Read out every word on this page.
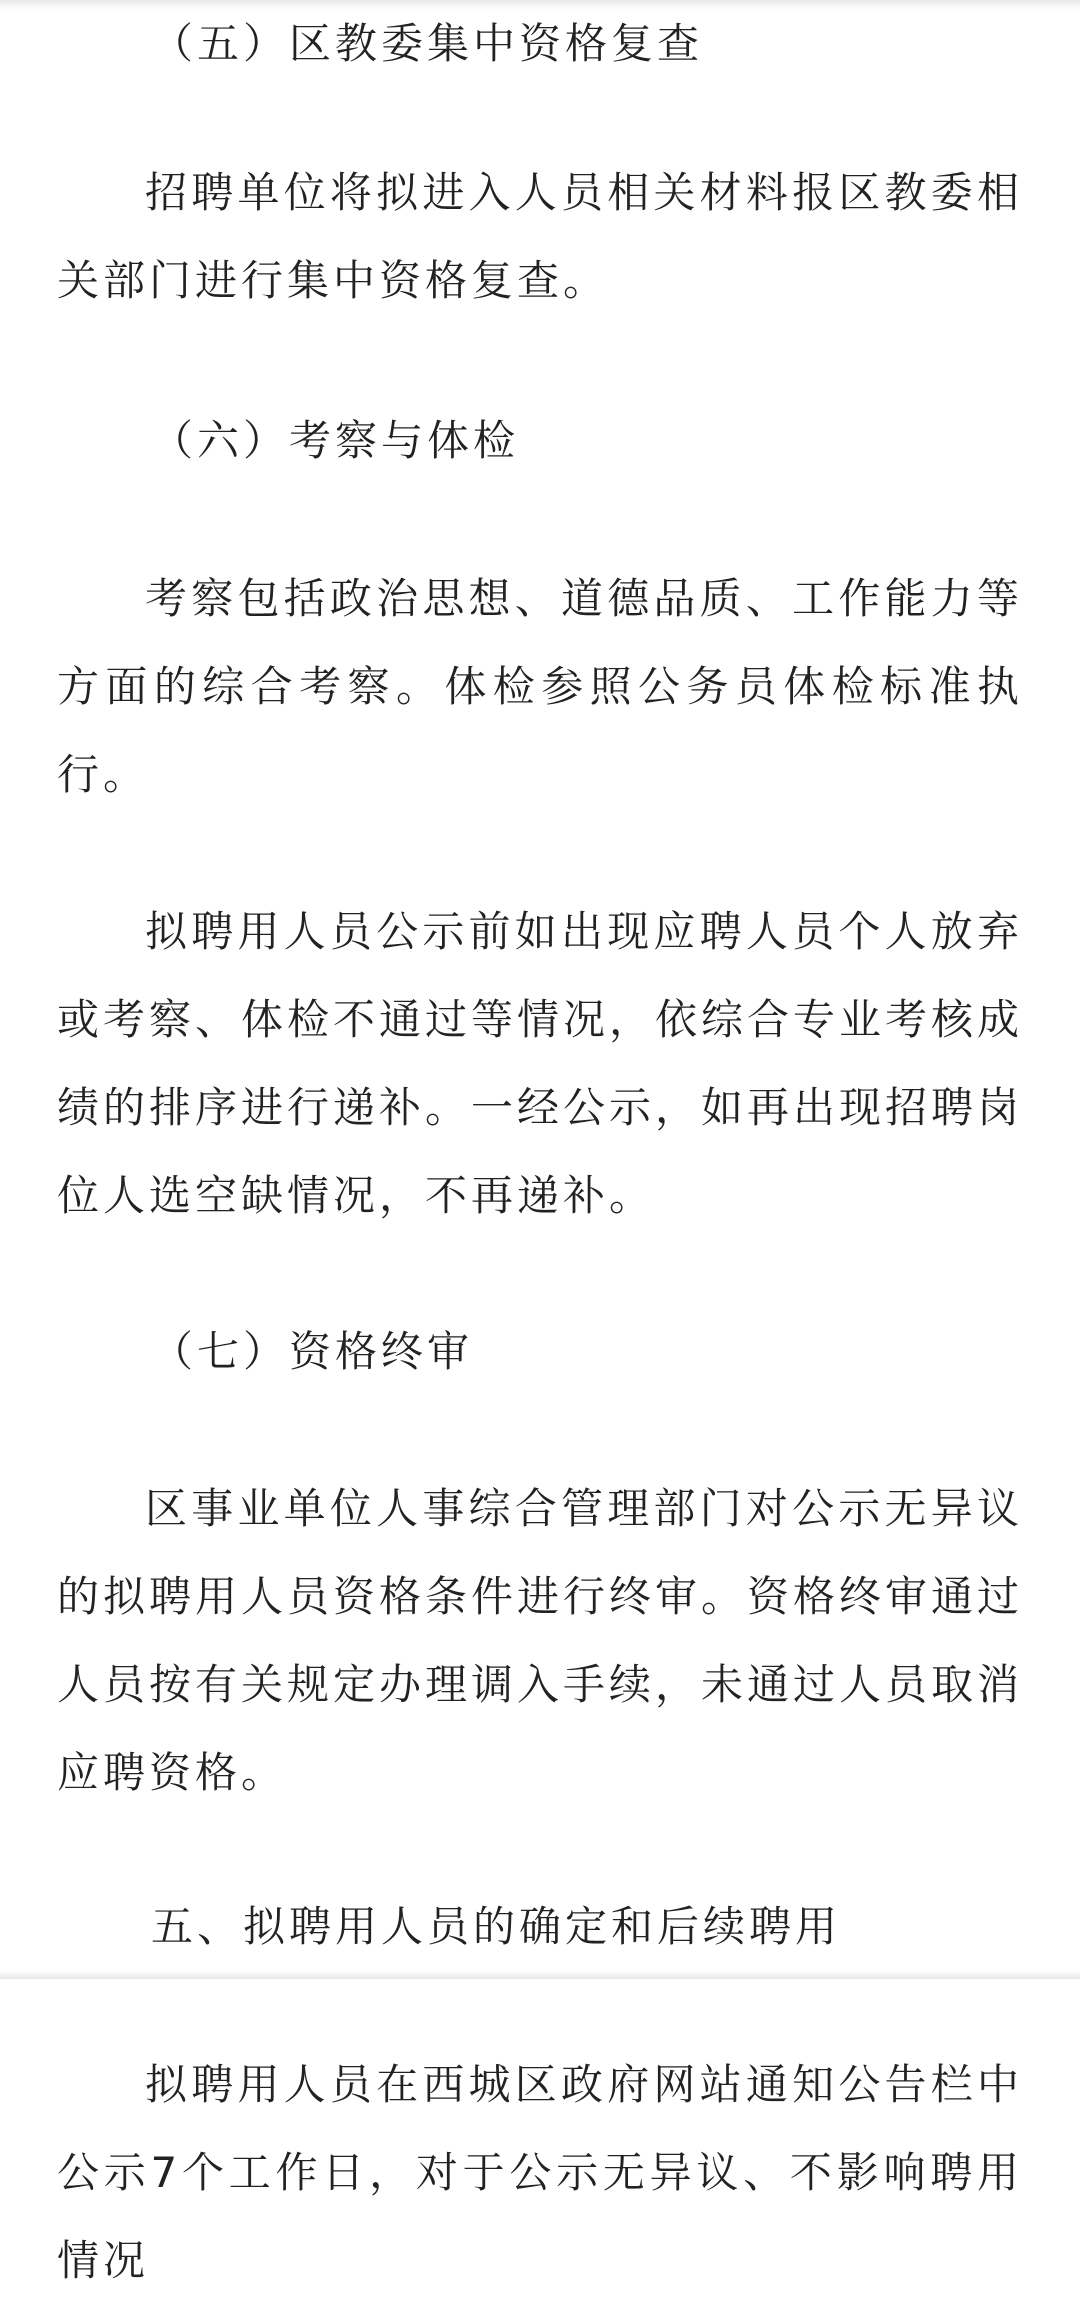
（五）区教委集中资格复查

招聘单位将拟进入人员相关材料报区教委相关部门进行集中资格复查。

（六）考察与体检

考察包括政治思想、道德品质、工作能力等方面的综合考察。体检参照公务员体检标准执行。

拟聘用人员公示前如出现应聘人员个人放弃或考察、体检不通过等情况，依综合专业考核成绩的排序进行递补。一经公示，如再出现招聘岗位人选空缺情况，不再递补。

（七）资格终审

区事业单位人事综合管理部门对公示无异议的拟聘用人员资格条件进行终审。资格终审通过人员按有关规定办理调入手续，未通过人员取消应聘资格。

五、拟聘用人员的确定和后续聘用

拟聘用人员在西城区政府网站通知公告栏中公示7个工作日，对于公示无异议、不影响聘用情况
